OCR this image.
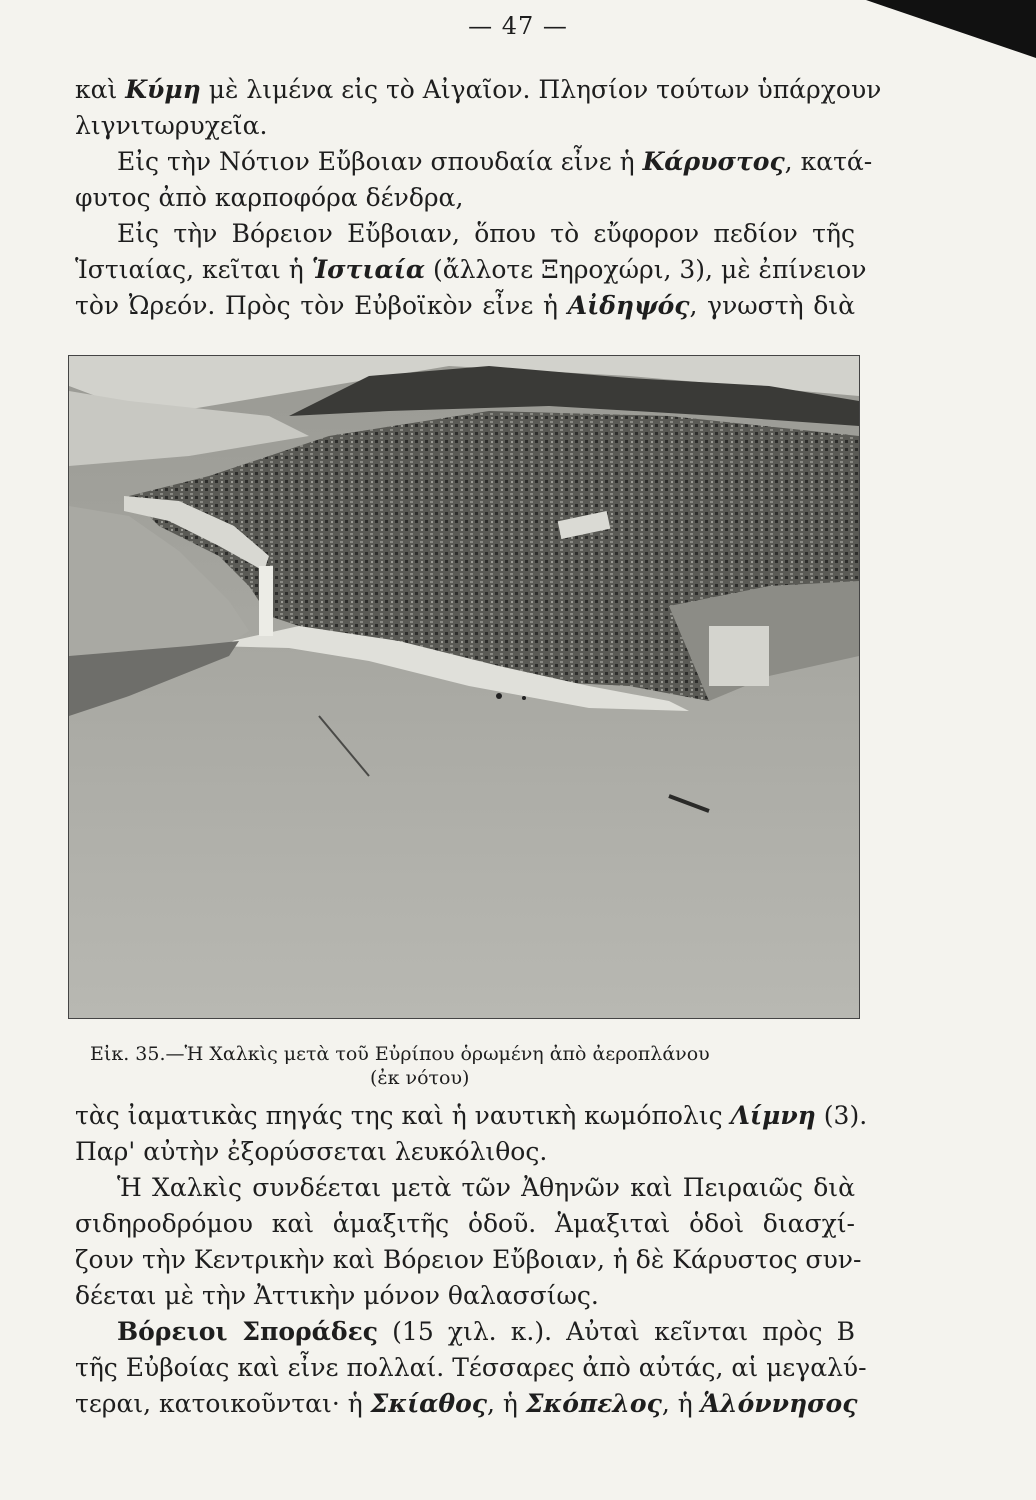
— 47 —
καὶ Κύμη μὲ λιμένα εἰς τὸ Αἰγαῖον. Πλησίον τούτων ὑπάρχουν
λιγνιτωρυχεῖα.
Εἰς τὴν Νότιον Εὔβοιαν σπουδαία εἶνε ἡ Κάρυστος, κατά-
φυτος ἀπὸ καρποφόρα δένδρα,
Εἰς τὴν Βόρειον Εὔβοιαν, ὅπου τὸ εὔφορον πεδίον τῆς
Ἱστιαίας, κεῖται ἡ Ἱστιαία (ἄλλοτε Ξηροχώρι, 3), μὲ ἐπίνειον
τὸν Ὠρεόν. Πρὸς τὸν Εὐβοϊκὸν εἶνε ἡ Αἰδηψός, γνωστὴ διὰ
Εἰκ. 35.—Ἡ Χαλκὶς μετὰ τοῦ Εὐρίπου ὁρωμένη ἀπὸ ἀεροπλάνου
(ἐκ νότου)
τὰς ἰαματικὰς πηγάς της καὶ ἡ ναυτικὴ κωμόπολις Λίμνη (3).
Παρ' αὐτὴν ἐξορύσσεται λευκόλιθος.
Ἡ Χαλκὶς συνδέεται μετὰ τῶν Ἀθηνῶν καὶ Πειραιῶς διὰ
σιδηροδρόμου καὶ ἁμαξιτῆς ὁδοῦ. Ἁμαξιταὶ ὁδοὶ διασχί-
ζουν τὴν Κεντρικὴν καὶ Βόρειον Εὔβοιαν, ἡ δὲ Κάρυστος συν-
δέεται μὲ τὴν Ἀττικὴν μόνον θαλασσίως.
Βόρειοι Σποράδες (15 χιλ. κ.). Αὐταὶ κεῖνται πρὸς Β
τῆς Εὐβοίας καὶ εἶνε πολλαί. Τέσσαρες ἀπὸ αὐτάς, αἱ μεγαλύ-
τεραι, κατοικοῦνται· ἡ Σκίαθος, ἡ Σκόπελος, ἡ Ἁλόννησος
